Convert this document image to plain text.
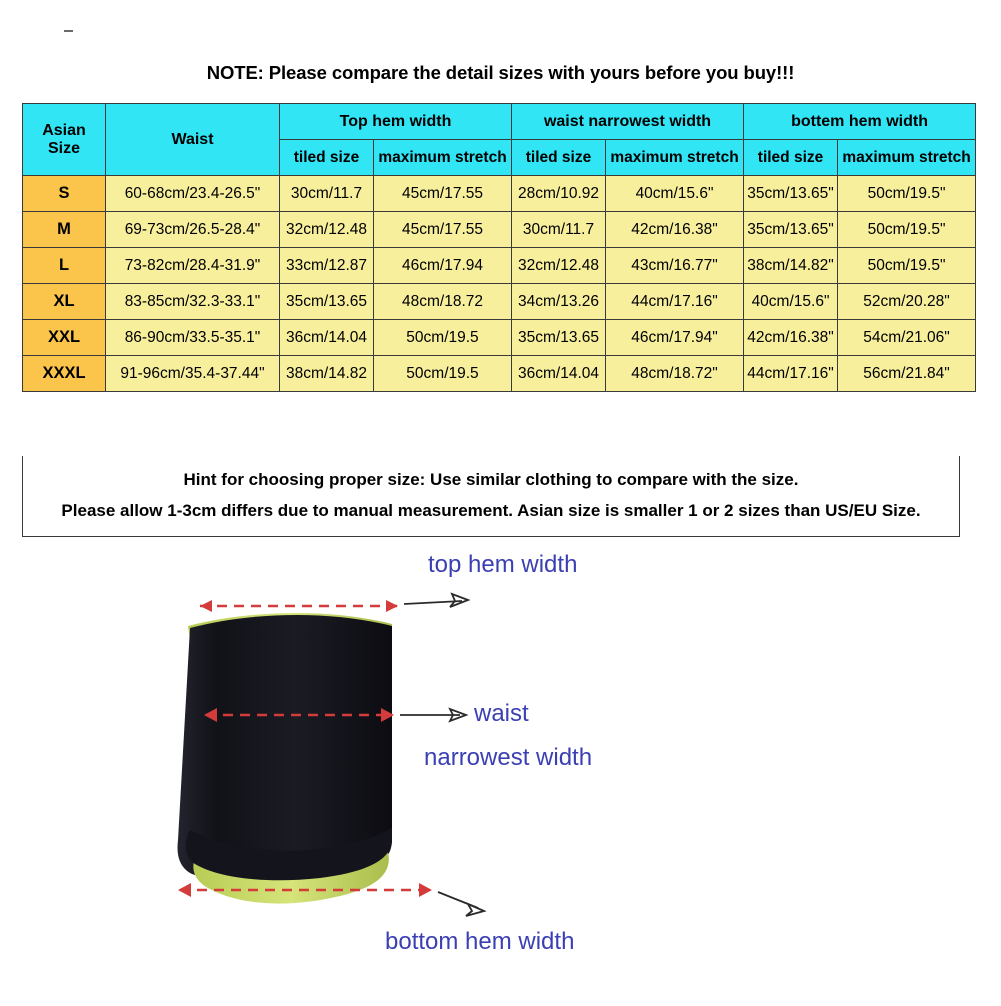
NOTE: Please compare the detail sizes with yours before you buy!!!
Asian
Size	Waist	Top hem width		waist narrowest width		bottem hem width	
		tiled size	maximum stretch	tiled size	maximum stretch	tiled size	maximum stretch
S	60-68cm/23.4-26.5"	30cm/11.7	45cm/17.55	28cm/10.92	40cm/15.6"	35cm/13.65"	50cm/19.5"
M	69-73cm/26.5-28.4"	32cm/12.48	45cm/17.55	30cm/11.7	42cm/16.38"	35cm/13.65"	50cm/19.5"
L	73-82cm/28.4-31.9"	33cm/12.87	46cm/17.94	32cm/12.48	43cm/16.77"	38cm/14.82"	50cm/19.5"
XL	83-85cm/32.3-33.1"	35cm/13.65	48cm/18.72	34cm/13.26	44cm/17.16"	40cm/15.6"	52cm/20.28"
XXL	86-90cm/33.5-35.1"	36cm/14.04	50cm/19.5	35cm/13.65	46cm/17.94"	42cm/16.38"	54cm/21.06"
XXXL	91-96cm/35.4-37.44"	38cm/14.82	50cm/19.5	36cm/14.04	48cm/18.72"	44cm/17.16"	56cm/21.84"
Hint for choosing proper size: Use similar clothing to compare with the size.
Please allow 1-3cm differs due to manual measurement. Asian size is smaller 1 or 2 sizes than US/EU Size.
top hem width
waist
narrowest width
bottom hem width
